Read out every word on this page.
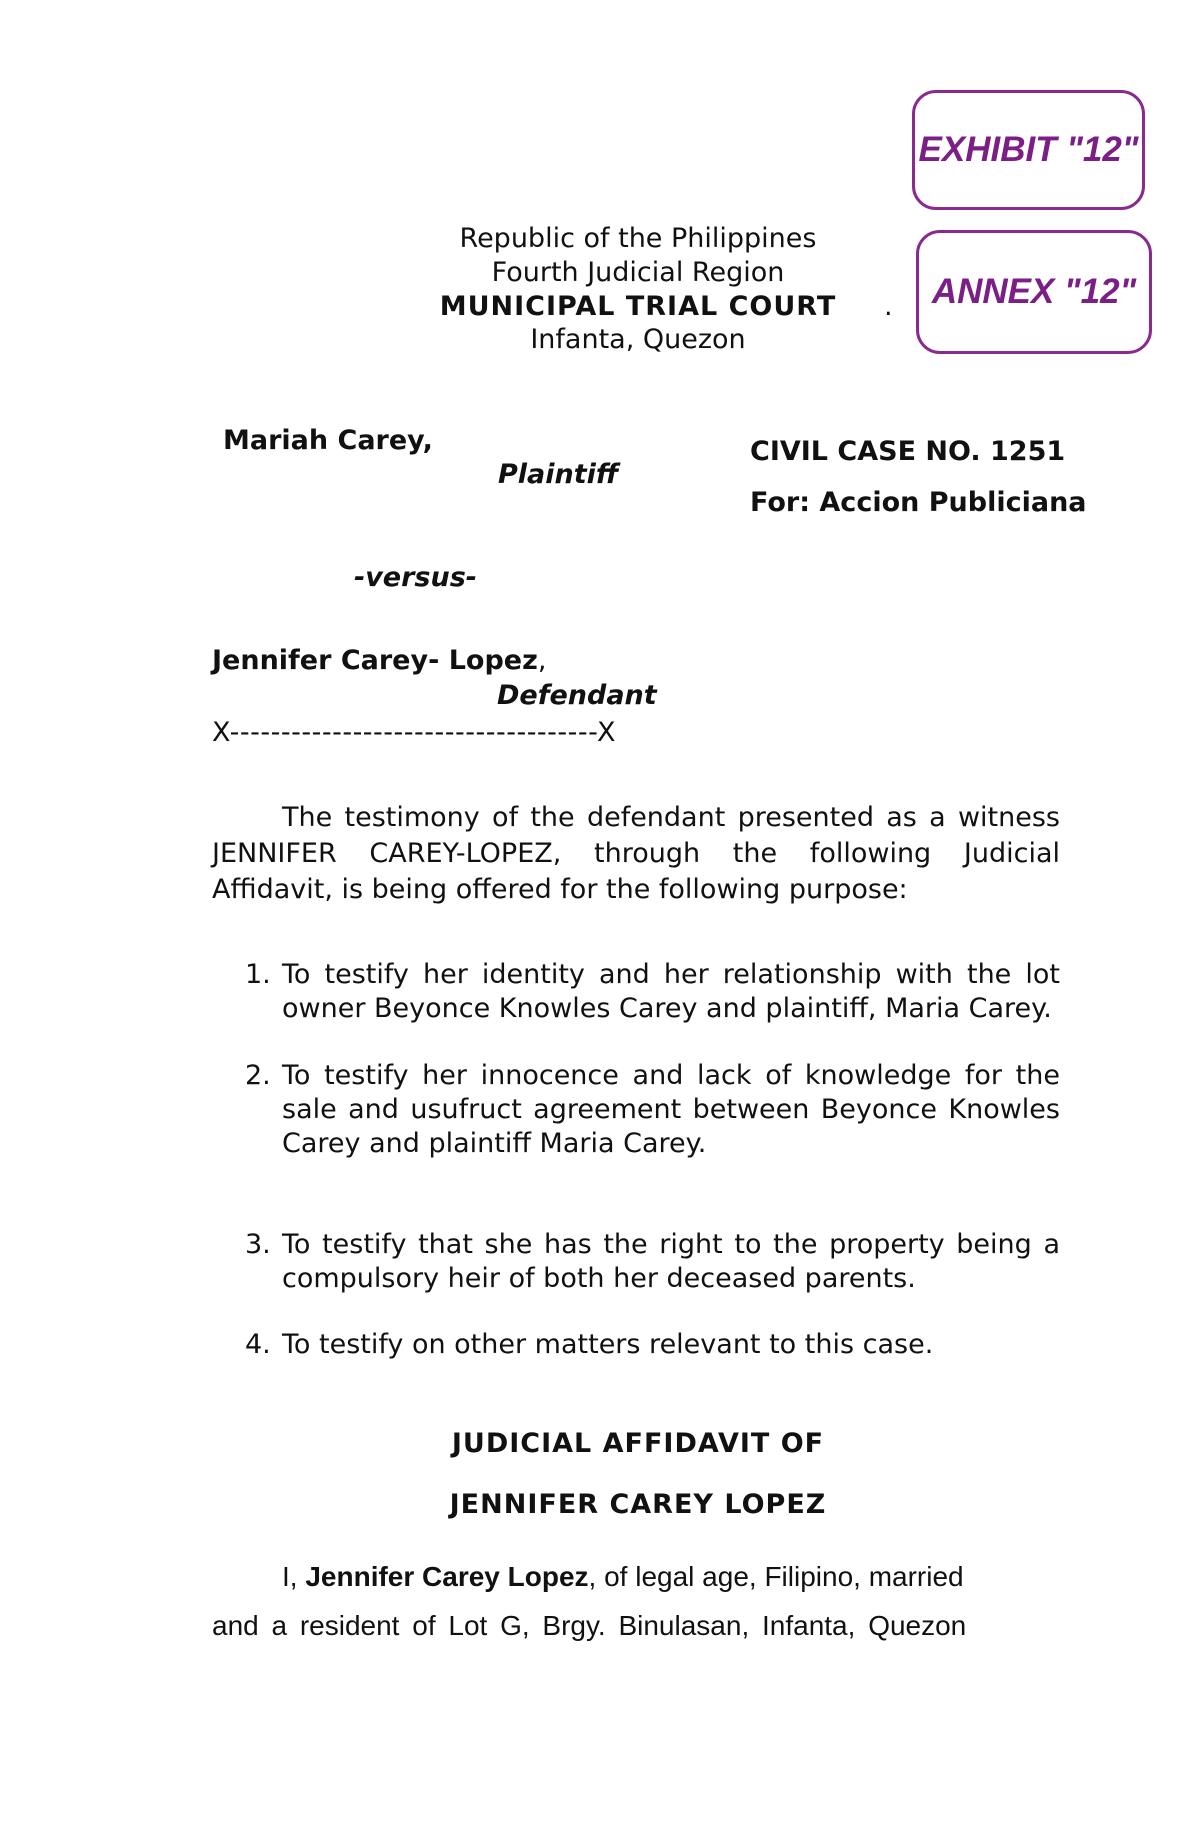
EXHIBIT "12"
ANNEX "12"
Republic of the Philippines
Fourth Judicial Region
MUNICIPAL TRIAL COURT	.
Infanta, Quezon
Mariah Carey,
Plaintiff
CIVIL CASE NO. 1251
For: Accion Publiciana
-versus-
Jennifer Carey- Lopez,
Defendant
X------------------------------------X
The testimony of the defendant presented as a witness JENNIFER CAREY-LOPEZ, through the following Judicial Affidavit, is being offered for the following purpose:
1. To testify her identity and her relationship with the lot owner Beyonce Knowles Carey and plaintiff, Maria Carey.
2. To testify her innocence and lack of knowledge for the sale and usufruct agreement between Beyonce Knowles Carey and plaintiff Maria Carey.
3. To testify that she has the right to the property being a compulsory heir of both her deceased parents.
4. To testify on other matters relevant to this case.
JUDICIAL AFFIDAVIT OF
JENNIFER CAREY LOPEZ
I, Jennifer Carey Lopez, of legal age, Filipino, married
and a resident of Lot G, Brgy. Binulasan, Infanta, Quezon
